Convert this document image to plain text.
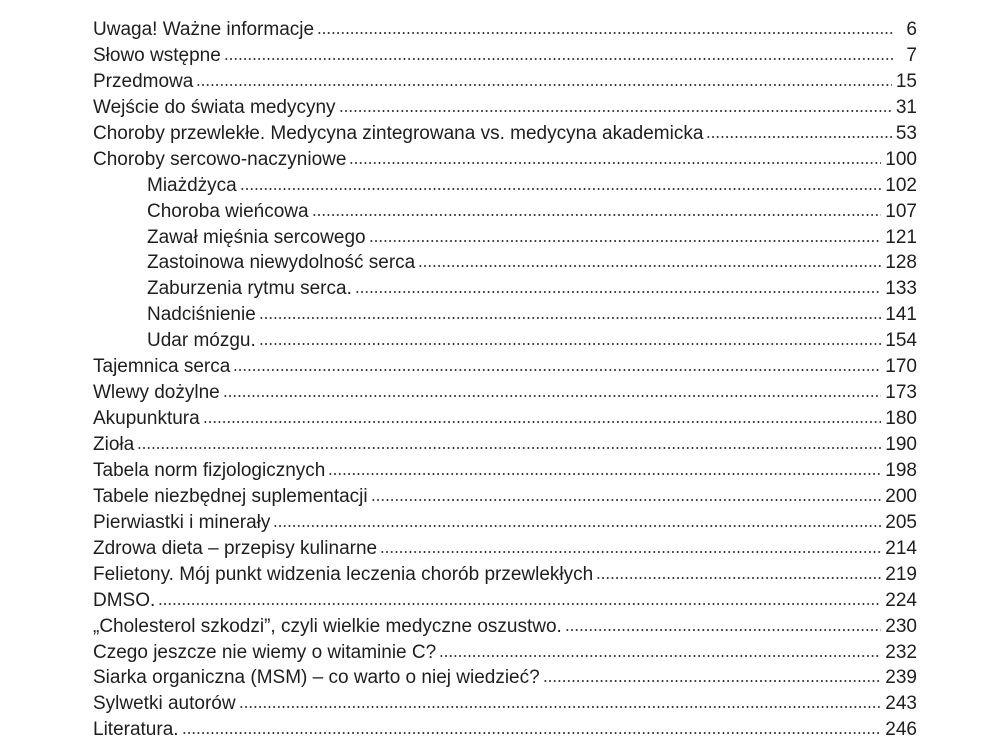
Uwaga! Ważne informacje	6
Słowo wstępne	7
Przedmowa	15
Wejście do świata medycyny	31
Choroby przewlekłe. Medycyna zintegrowana vs. medycyna akademicka	53
Choroby sercowo-naczyniowe	100
Miażdżyca	102
Choroba wieńcowa	107
Zawał mięśnia sercowego	121
Zastoinowa niewydolność serca	128
Zaburzenia rytmu serca.	133
Nadciśnienie	141
Udar mózgu.	154
Tajemnica serca	170
Wlewy dożylne	173
Akupunktura	180
Zioła	190
Tabela norm fizjologicznych	198
Tabele niezbędnej suplementacji	200
Pierwiastki i minerały	205
Zdrowa dieta – przepisy kulinarne	214
Felietony. Mój punkt widzenia leczenia chorób przewlekłych	219
DMSO.	224
„Cholesterol szkodzi”, czyli wielkie medyczne oszustwo.	230
Czego jeszcze nie wiemy o witaminie C?	232
Siarka organiczna (MSM) – co warto o niej wiedzieć?	239
Sylwetki autorów	243
Literatura.	246
